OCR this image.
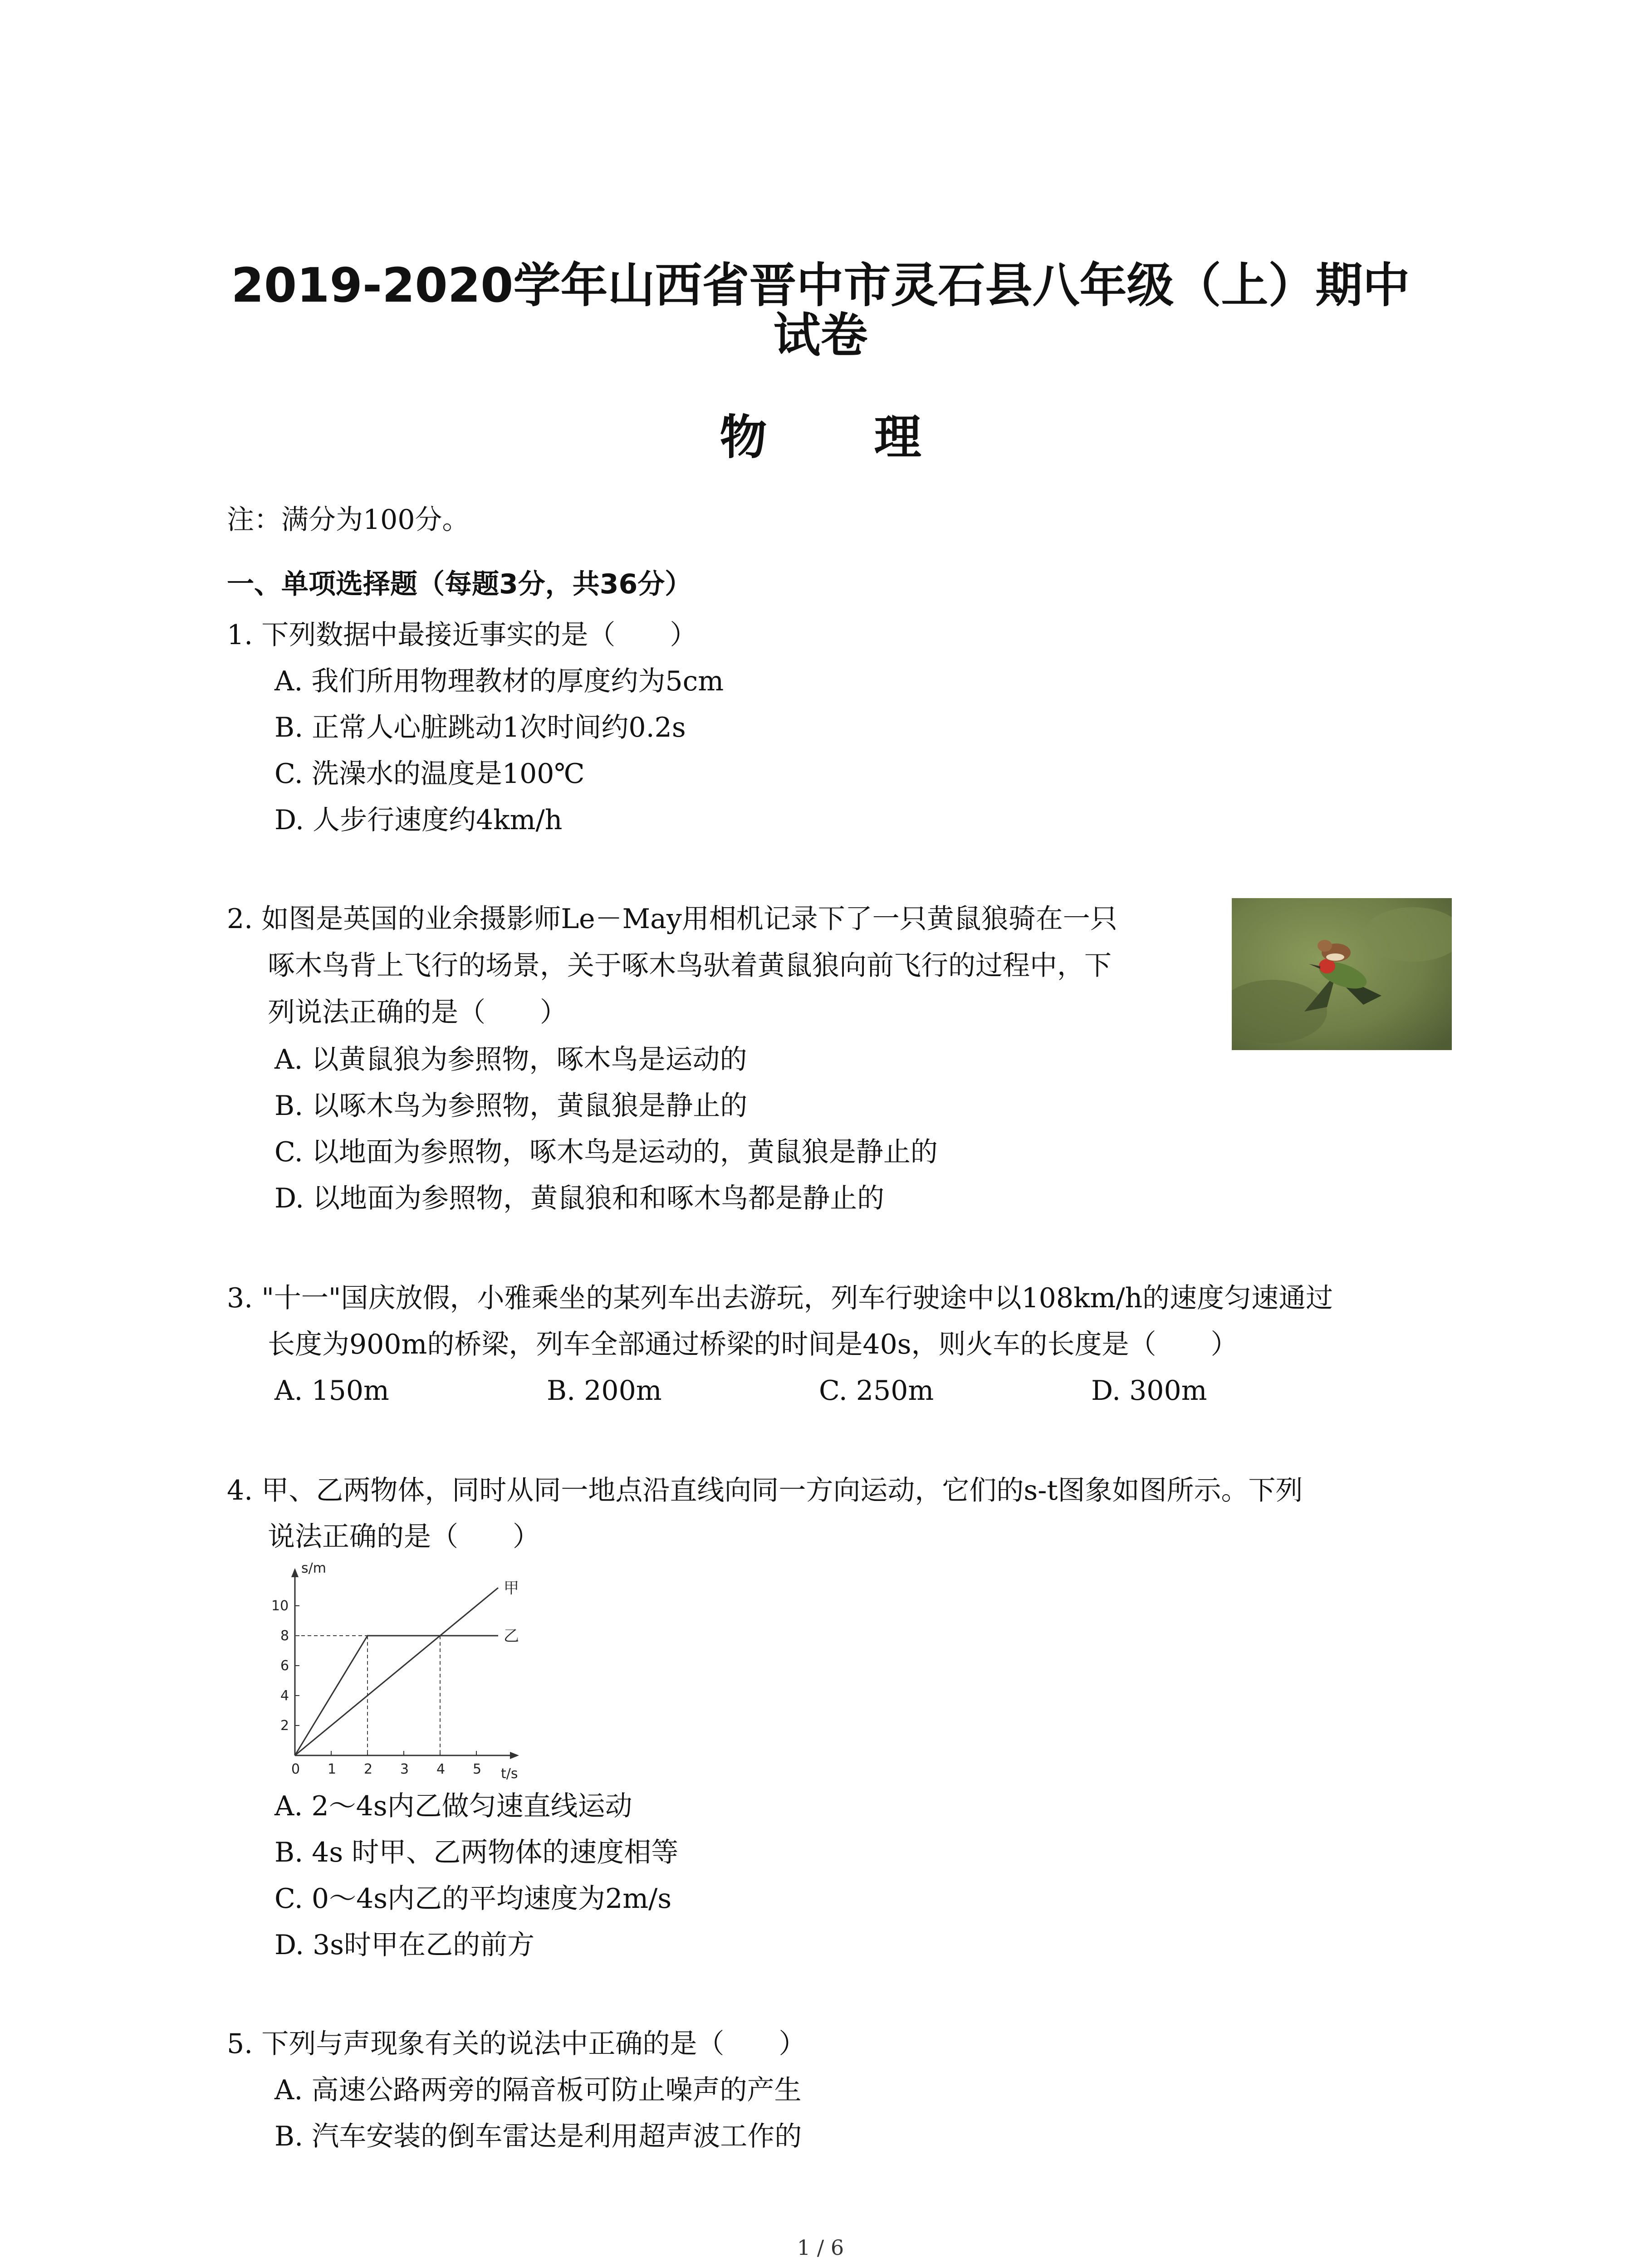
2019-2020学年山西省晋中市灵石县八年级（上）期中
试卷
物 理
注：满分为100分。
一、单项选择题（每题3分，共36分）
1. 下列数据中最接近事实的是（　　）
A. 我们所用物理教材的厚度约为5cm
B. 正常人心脏跳动1次时间约0.2s
C. 洗澡水的温度是100℃
D. 人步行速度约4km/h
2. 如图是英国的业余摄影师Le－May用相机记录下了一只黄鼠狼骑在一只
啄木鸟背上飞行的场景，关于啄木鸟驮着黄鼠狼向前飞行的过程中，下
列说法正确的是（　　）
A. 以黄鼠狼为参照物，啄木鸟是运动的
B. 以啄木鸟为参照物，黄鼠狼是静止的
C. 以地面为参照物，啄木鸟是运动的，黄鼠狼是静止的
D. 以地面为参照物，黄鼠狼和和啄木鸟都是静止的
3. "十一"国庆放假，小雅乘坐的某列车出去游玩，列车行驶途中以108km/h的速度匀速通过
长度为900m的桥梁，列车全部通过桥梁的时间是40s，则火车的长度是（　　）
A. 150m	B. 200m	C. 250m	D. 300m
4. 甲、乙两物体，同时从同一地点沿直线向同一方向运动，它们的s-t图象如图所示。下列
说法正确的是（　　）
s/m
t/s
0 1 2 3 4 5
2
4
6
8
10
甲
乙
A. 2～4s内乙做匀速直线运动
B. 4s 时甲、乙两物体的速度相等
C. 0～4s内乙的平均速度为2m/s
D. 3s时甲在乙的前方
5. 下列与声现象有关的说法中正确的是（　　）
A. 高速公路两旁的隔音板可防止噪声的产生
B. 汽车安装的倒车雷达是利用超声波工作的
1 / 6
